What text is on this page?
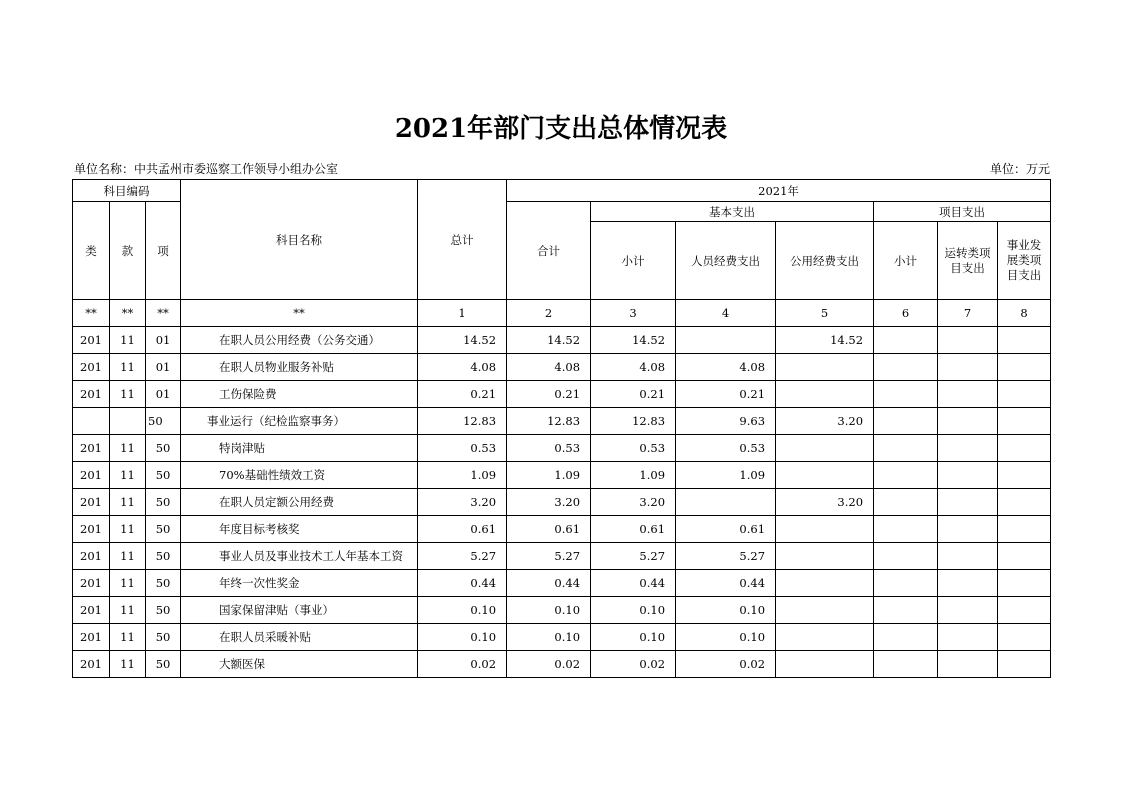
2021年部门支出总体情况表
单位名称：中共孟州市委巡察工作领导小组办公室	单位：万元
科目编码			科目名称	总计	2021年						
类	款	项			合计	基本支出			项目支出		
						小计	人员经费支出	公用经费支出	小计	运转类项目支出	事业发展类项目支出
**	**	**	**	1	2	3	4	5	6	7	8
201	11	01	在职人员公用经费（公务交通）	14.52	14.52	14.52		14.52			
201	11	01	在职人员物业服务补贴	4.08	4.08	4.08	4.08				
201	11	01	工伤保险费	0.21	0.21	0.21	0.21				
		50	事业运行（纪检监察事务）	12.83	12.83	12.83	9.63	3.20			
201	11	50	特岗津贴	0.53	0.53	0.53	0.53				
201	11	50	70%基础性绩效工资	1.09	1.09	1.09	1.09				
201	11	50	在职人员定额公用经费	3.20	3.20	3.20		3.20			
201	11	50	年度目标考核奖	0.61	0.61	0.61	0.61				
201	11	50	事业人员及事业技术工人年基本工资	5.27	5.27	5.27	5.27				
201	11	50	年终一次性奖金	0.44	0.44	0.44	0.44				
201	11	50	国家保留津贴（事业）	0.10	0.10	0.10	0.10				
201	11	50	在职人员采暖补贴	0.10	0.10	0.10	0.10				
201	11	50	大额医保	0.02	0.02	0.02	0.02				
